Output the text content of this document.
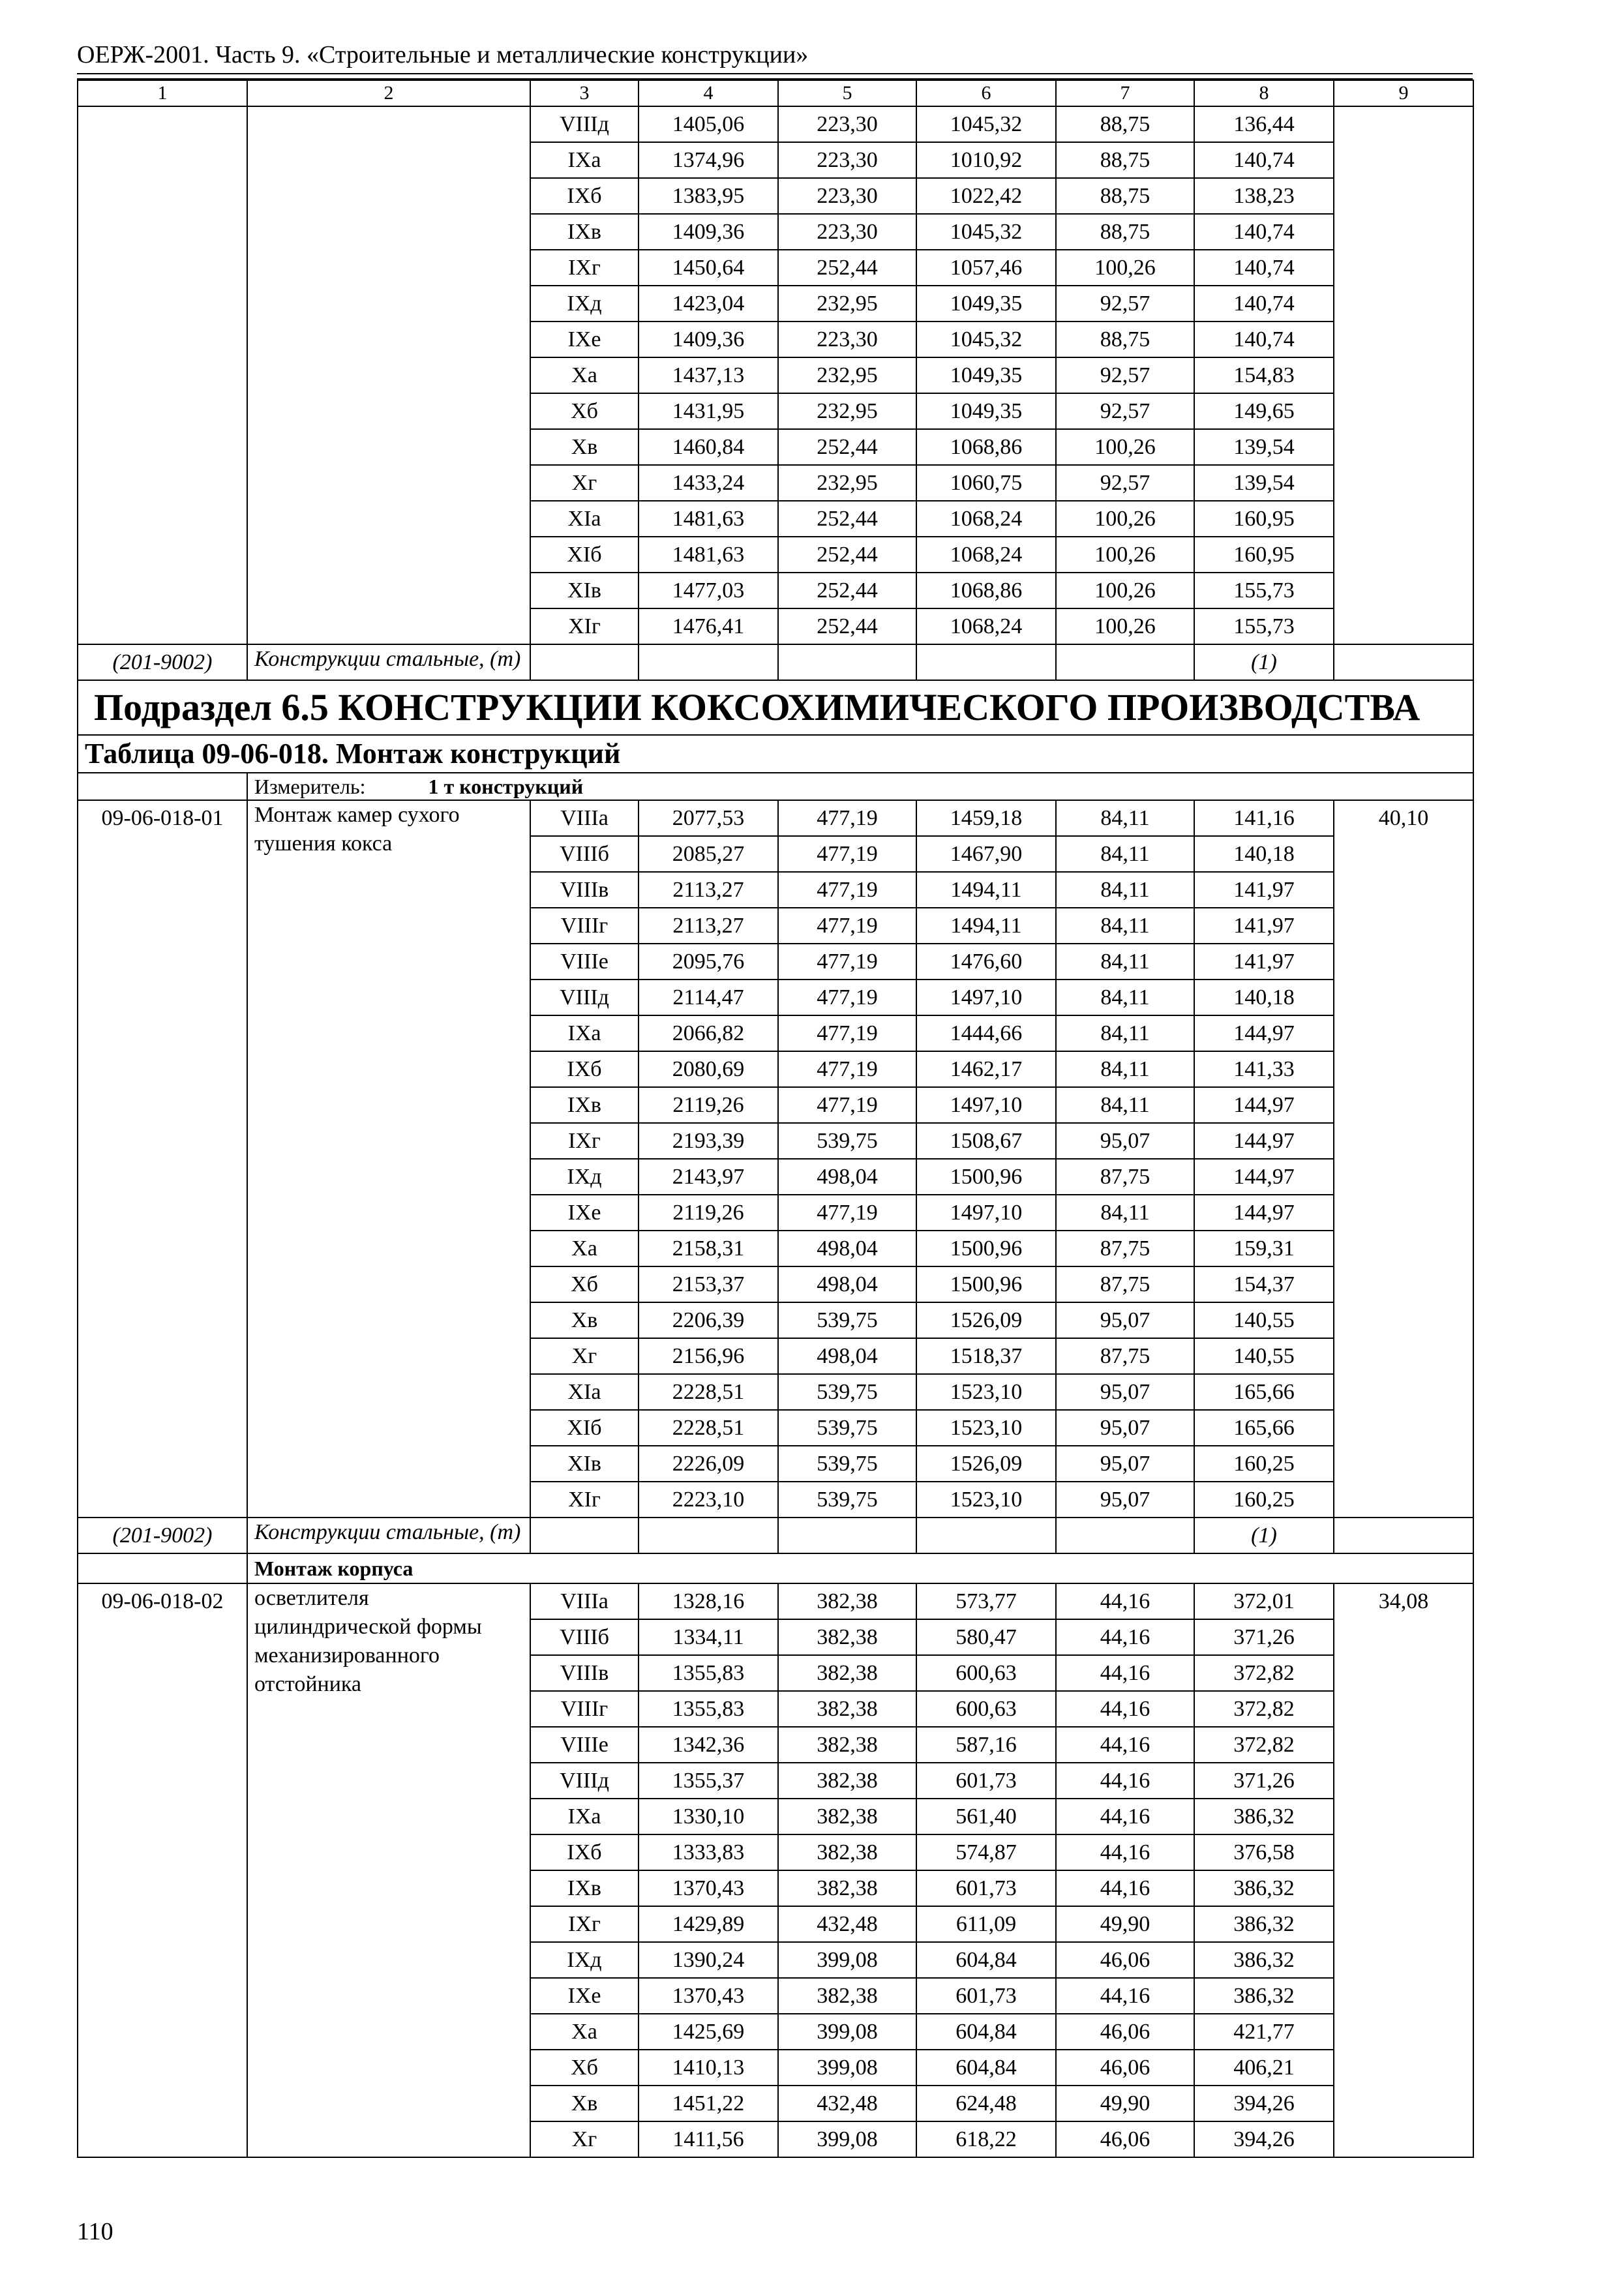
ОЕРЖ-2001. Часть 9. «Строительные и металлические конструкции»
1	2	3	4	5	6	7	8	9
		VIIIд	1405,06	223,30	1045,32	88,75	136,44	
		IXа	1374,96	223,30	1010,92	88,75	140,74	
		IXб	1383,95	223,30	1022,42	88,75	138,23	
		IXв	1409,36	223,30	1045,32	88,75	140,74	
		IXг	1450,64	252,44	1057,46	100,26	140,74	
		IXд	1423,04	232,95	1049,35	92,57	140,74	
		IXе	1409,36	223,30	1045,32	88,75	140,74	
		Xа	1437,13	232,95	1049,35	92,57	154,83	
		Xб	1431,95	232,95	1049,35	92,57	149,65	
		Xв	1460,84	252,44	1068,86	100,26	139,54	
		Xг	1433,24	232,95	1060,75	92,57	139,54	
		XIа	1481,63	252,44	1068,24	100,26	160,95	
		XIб	1481,63	252,44	1068,24	100,26	160,95	
		XIв	1477,03	252,44	1068,86	100,26	155,73	
		XIг	1476,41	252,44	1068,24	100,26	155,73	
(201-9002)	Конструкции стальные, (т)						(1)	
Подраздел 6.5 КОНСТРУКЦИИ КОКСОХИМИЧЕСКОГО ПРОИЗВОДСТВА								
Таблица 09-06-018. Монтаж конструкций								
	Измеритель: 1 т конструкций							
09-06-018-01	Монтаж камер сухого тушения кокса	VIIIа	2077,53	477,19	1459,18	84,11	141,16	40,10
		VIIIб	2085,27	477,19	1467,90	84,11	140,18	
		VIIIв	2113,27	477,19	1494,11	84,11	141,97	
		VIIIг	2113,27	477,19	1494,11	84,11	141,97	
		VIIIе	2095,76	477,19	1476,60	84,11	141,97	
		VIIIд	2114,47	477,19	1497,10	84,11	140,18	
		IXа	2066,82	477,19	1444,66	84,11	144,97	
		IXб	2080,69	477,19	1462,17	84,11	141,33	
		IXв	2119,26	477,19	1497,10	84,11	144,97	
		IXг	2193,39	539,75	1508,67	95,07	144,97	
		IXд	2143,97	498,04	1500,96	87,75	144,97	
		IXе	2119,26	477,19	1497,10	84,11	144,97	
		Xа	2158,31	498,04	1500,96	87,75	159,31	
		Xб	2153,37	498,04	1500,96	87,75	154,37	
		Xв	2206,39	539,75	1526,09	95,07	140,55	
		Xг	2156,96	498,04	1518,37	87,75	140,55	
		XIа	2228,51	539,75	1523,10	95,07	165,66	
		XIб	2228,51	539,75	1523,10	95,07	165,66	
		XIв	2226,09	539,75	1526,09	95,07	160,25	
		XIг	2223,10	539,75	1523,10	95,07	160,25	
(201-9002)	Конструкции стальные, (т)						(1)	
	Монтаж корпуса							
09-06-018-02	осветлителя цилиндрической формы механизированного отстойника	VIIIа	1328,16	382,38	573,77	44,16	372,01	34,08
		VIIIб	1334,11	382,38	580,47	44,16	371,26	
		VIIIв	1355,83	382,38	600,63	44,16	372,82	
		VIIIг	1355,83	382,38	600,63	44,16	372,82	
		VIIIе	1342,36	382,38	587,16	44,16	372,82	
		VIIIд	1355,37	382,38	601,73	44,16	371,26	
		IXа	1330,10	382,38	561,40	44,16	386,32	
		IXб	1333,83	382,38	574,87	44,16	376,58	
		IXв	1370,43	382,38	601,73	44,16	386,32	
		IXг	1429,89	432,48	611,09	49,90	386,32	
		IXд	1390,24	399,08	604,84	46,06	386,32	
		IXе	1370,43	382,38	601,73	44,16	386,32	
		Xа	1425,69	399,08	604,84	46,06	421,77	
		Xб	1410,13	399,08	604,84	46,06	406,21	
		Xв	1451,22	432,48	624,48	49,90	394,26	
		Xг	1411,56	399,08	618,22	46,06	394,26	
110
